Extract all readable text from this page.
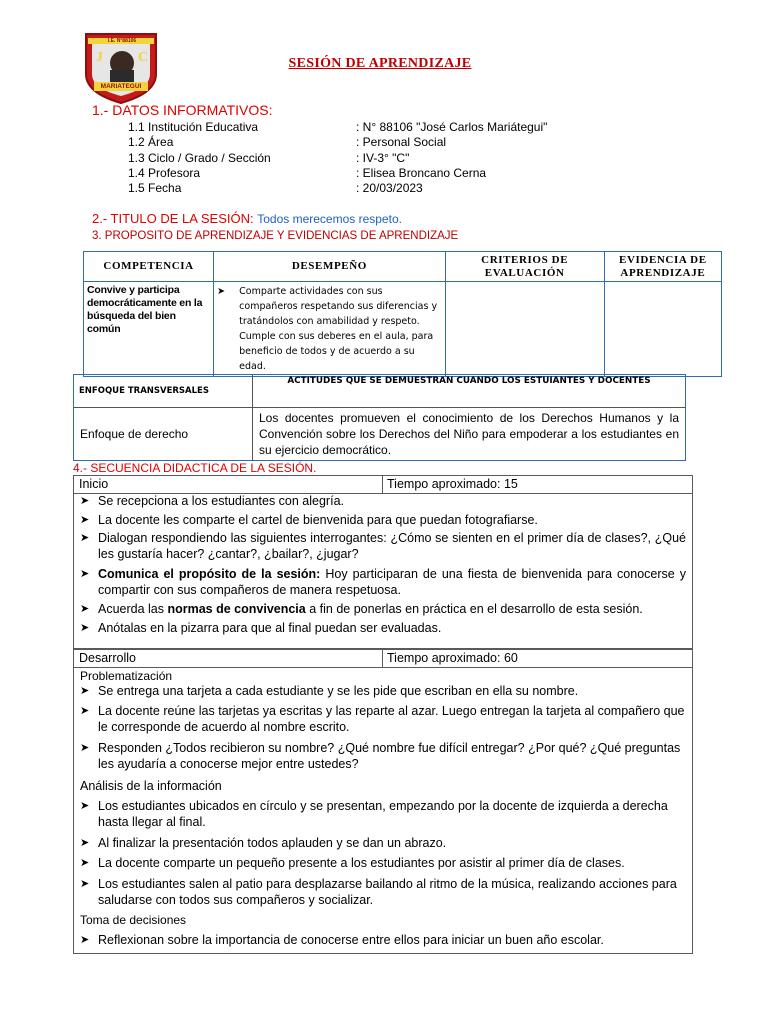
J	C
I.E. N°88106
MARIATEGUI
SESIÓN DE APRENDIZAJE
1.- DATOS INFORMATIVOS:
1.1 Institución Educativa	: N° 88106 "José Carlos Mariátegui"
1.2 Área	: Personal Social
1.3 Ciclo / Grado / Sección	: IV-3° "C"
1.4 Profesora	: Elisea Broncano Cerna
1.5 Fecha	: 20/03/2023
2.- TITULO DE LA SESIÓN: Todos merecemos respeto.
3. PROPOSITO DE APRENDIZAJE Y EVIDENCIAS DE APRENDIZAJE
COMPETENCIA	DESEMPEÑO	CRITERIOS DE EVALUACIÓN	EVIDENCIA DE APRENDIZAJE
Convive y participa democráticamente en la búsqueda del bien común	➤ Comparte actividades con sus compañeros respetando sus diferencias y tratándolos con amabilidad y respeto. Cumple con sus deberes en el aula, para beneficio de todos y de acuerdo a su edad.		

ENFOQUE TRANSVERSALES	ACTITUDES QUE SE DEMUESTRAN CUANDO LOS ESTUIANTES Y DOCENTES
Enfoque de derecho	Los docentes promueven el conocimiento de los Derechos Humanos y la Convención sobre los Derechos del Niño para empoderar a los estudiantes en su ejercicio democrático.
4.- SECUENCIA DIDACTICA DE LA SESIÓN.
Inicio	Tiempo aproximado: 15
➤ Se recepciona a los estudiantes con alegría.
➤ La docente les comparte el cartel de bienvenida para que puedan fotografiarse.
➤ Dialogan respondiendo las siguientes interrogantes: ¿Cómo se sienten en el primer día de clases?, ¿Qué les gustaría hacer? ¿cantar?, ¿bailar?, ¿jugar?
➤ Comunica el propósito de la sesión: Hoy participaran de una fiesta de bienvenida para conocerse y compartir con sus compañeros de manera respetuosa.
➤ Acuerda las normas de convivencia a fin de ponerlas en práctica en el desarrollo de esta sesión.
➤ Anótalas en la pizarra para que al final puedan ser evaluadas.
Desarrollo	Tiempo aproximado: 60
Problematización
➤ Se entrega una tarjeta a cada estudiante y se les pide que escriban en ella su nombre.
➤ La docente reúne las tarjetas ya escritas y las reparte al azar. Luego entregan la tarjeta al compañero que le corresponde de acuerdo al nombre escrito.
➤ Responden ¿Todos recibieron su nombre? ¿Qué nombre fue difícil entregar? ¿Por qué? ¿Qué preguntas les ayudaría a conocerse mejor entre ustedes?
Análisis de la información
➤ Los estudiantes ubicados en círculo y se presentan, empezando por la docente de izquierda a derecha hasta llegar al final.
➤ Al finalizar la presentación todos aplauden y se dan un abrazo.
➤ La docente comparte un pequeño presente a los estudiantes por asistir al primer día de clases.
➤ Los estudiantes salen al patio para desplazarse bailando al ritmo de la música, realizando acciones para saludarse con todos sus compañeros y socializar.
Toma de decisiones
➤ Reflexionan sobre la importancia de conocerse entre ellos para iniciar un buen año escolar.
